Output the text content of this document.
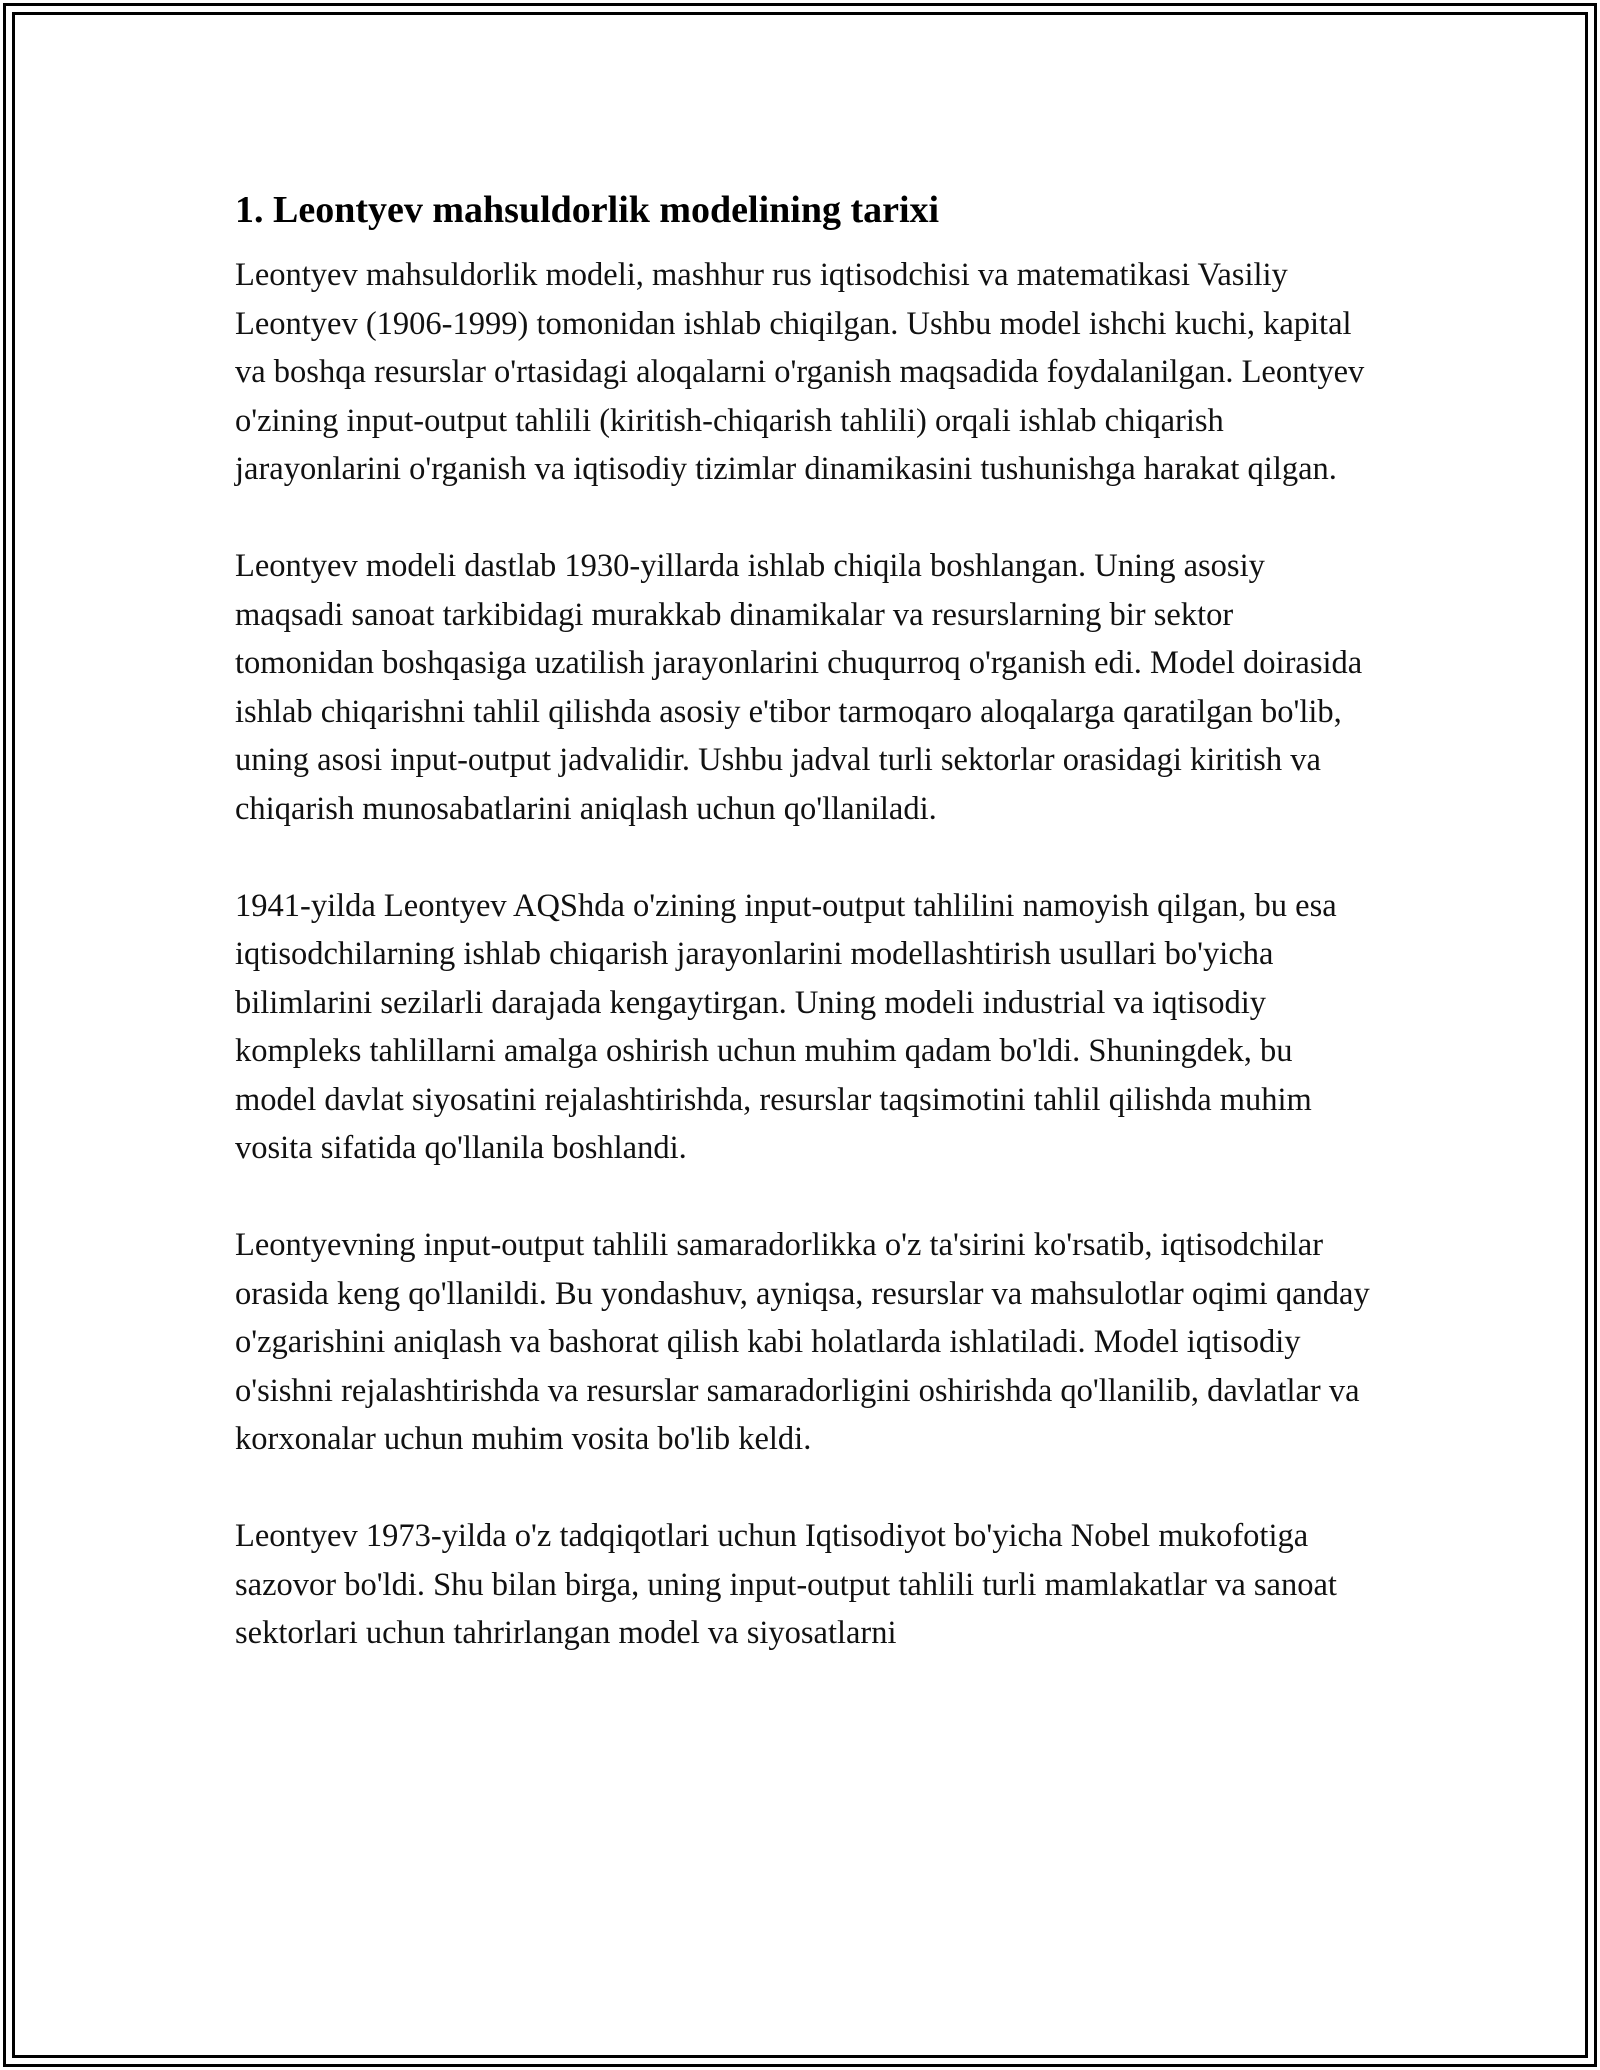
1. Leontyev mahsuldorlik modelining tarixi

Leontyev mahsuldorlik modeli, mashhur rus iqtisodchisi va matematikasi Vasiliy Leontyev (1906-1999) tomonidan ishlab chiqilgan. Ushbu model ishchi kuchi, kapital va boshqa resurslar o'rtasidagi aloqalarni o'rganish maqsadida foydalanilgan. Leontyev o'zining input-output tahlili (kiritish-chiqarish tahlili) orqali ishlab chiqarish jarayonlarini o'rganish va iqtisodiy tizimlar dinamikasini tushunishga harakat qilgan.

Leontyev modeli dastlab 1930-yillarda ishlab chiqila boshlangan. Uning asosiy maqsadi sanoat tarkibidagi murakkab dinamikalar va resurslarning bir sektor tomonidan boshqasiga uzatilish jarayonlarini chuqurroq o'rganish edi. Model doirasida ishlab chiqarishni tahlil qilishda asosiy e'tibor tarmoqaro aloqalarga qaratilgan bo'lib, uning asosi input-output jadvalidir. Ushbu jadval turli sektorlar orasidagi kiritish va chiqarish munosabatlarini aniqlash uchun qo'llaniladi.

1941-yilda Leontyev AQShda o'zining input-output tahlilini namoyish qilgan, bu esa iqtisodchilarning ishlab chiqarish jarayonlarini modellashtirish usullari bo'yicha bilimlarini sezilarli darajada kengaytirgan. Uning modeli industrial va iqtisodiy kompleks tahlillarni amalga oshirish uchun muhim qadam bo'ldi. Shuningdek, bu model davlat siyosatini rejalashtirishda, resurslar taqsimotini tahlil qilishda muhim vosita sifatida qo'llanila boshlandi.

Leontyevning input-output tahlili samaradorlikka o'z ta'sirini ko'rsatib, iqtisodchilar orasida keng qo'llanildi. Bu yondashuv, ayniqsa, resurslar va mahsulotlar oqimi qanday o'zgarishini aniqlash va bashorat qilish kabi holatlarda ishlatiladi. Model iqtisodiy o'sishni rejalashtirishda va resurslar samaradorligini oshirishda qo'llanilib, davlatlar va korxonalar uchun muhim vosita bo'lib keldi.

Leontyev 1973-yilda o'z tadqiqotlari uchun Iqtisodiyot bo'yicha Nobel mukofotiga sazovor bo'ldi. Shu bilan birga, uning input-output tahlili turli mamlakatlar va sanoat sektorlari uchun tahrirlangan model va siyosatlarni
